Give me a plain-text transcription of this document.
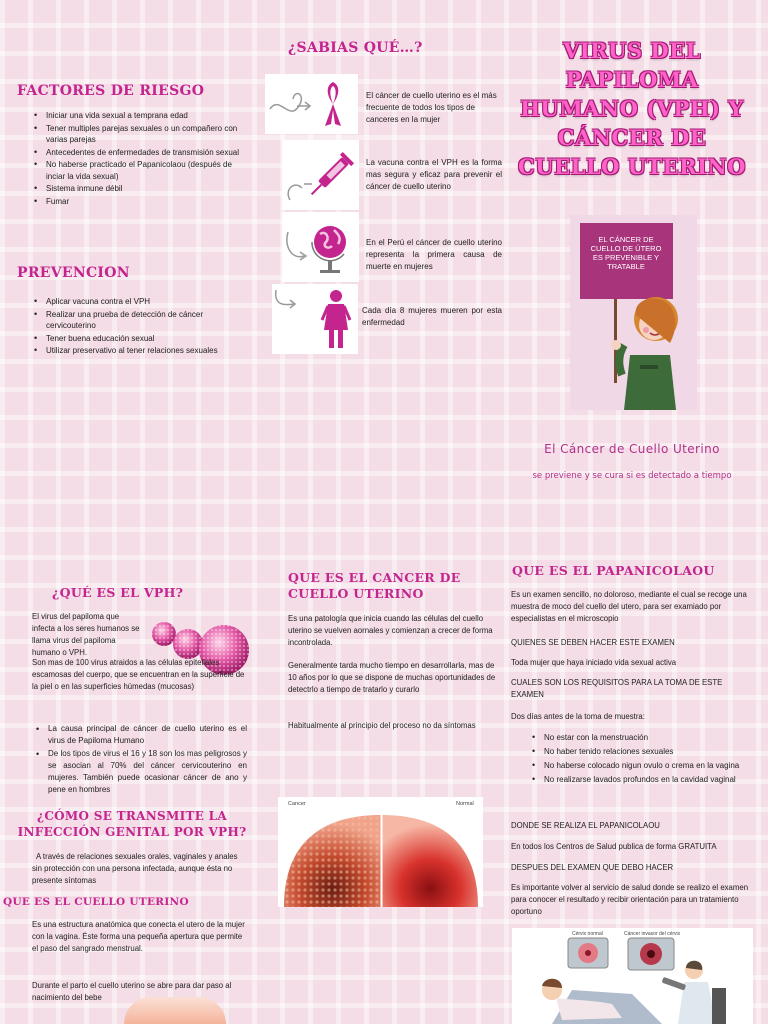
FACTORES DE RIESGO
• Iniciar una vida sexual a temprana edad
• Tener multiples parejas sexuales o un compañero con varias parejas
• Antecedentes de enfermedades de transmisión sexual
• No haberse practicado el Papanicolaou (después de inciar la vida sexual)
• Sistema inmune débil
• Fumar
PREVENCION
• Aplicar vacuna contra el VPH
• Realizar una prueba de detección de cáncer cervicouterino
• Tener buena educación sexual
• Utilizar preservativo al tener relaciones sexuales
¿SABIAS QUÉ…?

El cáncer de cuello uterino es el más frecuente de todos los tipos de canceres en la mujer

La vacuna contra el VPH es la forma mas segura y eficaz para prevenir el cáncer de cuello uterino

En el Perú el cáncer de cuello uterino representa la primera causa de muerte en mujeres

Cada día 8 mujeres mueren por esta enfermedad

VIRUS DEL PAPILOMA HUMANO (VPH) Y CÁNCER DE CUELLO UTERINO
EL CÁNCER DE CUELLO DE ÚTERO ES PREVENIBLE Y TRATABLE
El Cáncer de Cuello Uterino
se previene y se cura si es detectado a tiempo
¿QUÉ ES EL VPH?

El virus del papiloma que infecta a los seres humanos se llama virus del papiloma humano o VPH.

Son mas de 100 virus atraidos a las células epiteliales escamosas del cuerpo, que se encuentran en la superficie de la piel o en las superficies húmedas (mucosas)

• La causa principal de cáncer de cuello uterino es el virus de Papiloma Humano
• De los tipos de virus el 16 y 18 son los mas peligrosos y se asocian al 70% del cáncer cervicouterino en mujeres. También puede ocasionar cáncer de ano y pene en hombres
¿CÓMO SE TRANSMITE LA INFECCIÓN GENITAL POR VPH?

A través de relaciones sexuales orales, vaginales y anales sin protección con una persona infectada, aunque ésta no presente síntomas

QUE ES EL CUELLO UTERINO

Es una estructura anatómica que conecta el utero de la mujer con la vagina. Éste forma una pequeña apertura que permite el paso del sangrado menstrual.

Durante el parto el cuello uterino se abre para dar paso al nacimiento del bebe

QUE ES EL CANCER DE CUELLO UTERINO

Es una patología que inicia cuando las células del cuello uterino se vuelven aornales y comienzan a crecer de forma incontrolada.

Generalmente tarda mucho tiempo en desarrollarla, mas de 10 años por lo que se dispone de muchas oportunidades de detectrlo a tiempo de tratarlo y curarlo

Habitualmente al principio del proceso no da síntomas

Cancer	Normal
QUE ES EL PAPANICOLAOU

Es un examen sencillo, no doloroso, mediante el cual se recoge una muestra de moco del cuello del utero, para ser examiado por especialistas en el microscopio

QUIENES SE DEBEN HACER ESTE EXAMEN

Toda mujer que haya iniciado vida sexual activa

CUALES SON LOS REQUISITOS PARA LA TOMA DE ESTE EXAMEN

Dos días antes de la toma de muestra:

• No estar con la menstruación
• No haber tenido relaciones sexuales
• No haberse colocado nigun ovulo o crema en la vagina
• No realizarse lavados profundos en la cavidad vaginal

DONDE SE REALIZA EL PAPANICOLAOU

En todos los Centros de Salud publica de forma GRATUITA

DESPUES DEL EXAMEN QUE DEBO HACER

Es importante volver al servicio de salud donde se realizo el examen para conocer el resultado y recibir orientación para un tratamiento oportuno

Cérvix normal	Cáncer invasor del cérvix
